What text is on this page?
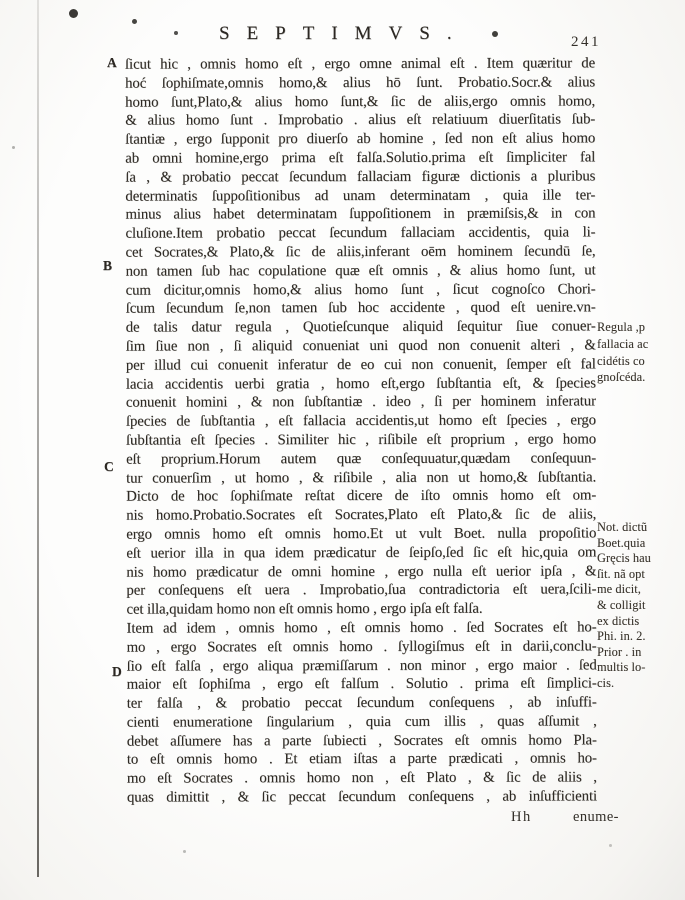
SEPTIMVS.	241
ſicut hic , omnis homo eſt , ergo omne animal eſt . Item quæritur de
hoć ſophiſmate,omnis homo,& alius hō ſunt. Probatio.Socr.& alius
homo ſunt,Plato,& alius homo ſunt,& ſic de aliis,ergo omnis homo,
& alius homo ſunt . Improbatio . alius eſt relatiuum diuerſitatis ſub-
ſtantiæ , ergo ſupponit pro diuerſo ab homine , ſed non eſt alius homo
ab omni homine,ergo prima eſt falſa.Solutio.prima eſt ſimpliciter fal
ſa , & probatio peccat ſecundum fallaciam figuræ dictionis a pluribus
determinatis ſuppoſitionibus ad unam determinatam , quia ille ter-
minus alius habet determinatam ſuppoſitionem in præmiſsis,& in con
cluſione.Item probatio peccat ſecundum fallaciam accidentis, quia li-
cet Socrates,& Plato,& ſic de aliis,inferant oēm hominem ſecundū ſe,
non tamen ſub hac copulatione quæ eſt omnis , & alius homo ſunt, ut
cum dicitur,omnis homo,& alius homo ſunt , ſicut cognoſco Chori-
ſcum ſecundum ſe,non tamen ſub hoc accidente , quod eſt uenire.vn-
de talis datur regula , Quotieſcunque aliquid ſequitur ſiue conuer-
ſim ſiue non , ſi aliquid conueniat uni quod non conuenit alteri , &
per illud cui conuenit inferatur de eo cui non conuenit, ſemper eſt fal
lacia accidentis uerbi gratia , homo eſt,ergo ſubſtantia eſt, & ſpecies
conuenit homini , & non ſubſtantiæ . ideo , ſi per hominem inferatur
ſpecies de ſubſtantia , eſt fallacia accidentis,ut homo eſt ſpecies , ergo
ſubſtantia eſt ſpecies . Similiter hic , riſibile eſt proprium , ergo homo
eſt proprium.Horum autem quæ conſequuatur,quædam conſequun-
tur conuerſim , ut homo , & riſibile , alia non ut homo,& ſubſtantia.
Dicto de hoc ſophiſmate reſtat dicere de iſto omnis homo eſt om-
nis homo.Probatio.Socrates eſt Socrates,Plato eſt Plato,& ſic de aliis,
ergo omnis homo eſt omnis homo.Et ut vult Boet. nulla propoſitio
eſt uerior illa in qua idem prædicatur de ſeipſo,ſed ſic eſt hic,quia om
nis homo prædicatur de omni homine , ergo nulla eſt uerior ipſa , &
per conſequens eſt uera . Improbatio,ſua contradictoria eſt uera,ſcili-
cet illa,quidam homo non eſt omnis homo , ergo ipſa eſt falſa.
Item ad idem , omnis homo , eſt omnis homo . ſed Socrates eſt ho-
mo , ergo Socrates eſt omnis homo . ſyllogiſmus eſt in darii,conclu-
ſio eſt falſa , ergo aliqua præmiſſarum . non minor , ergo maior . ſed
maior eſt ſophiſma , ergo eſt falſum . Solutio . prima eſt ſimplici-
ter falſa , & probatio peccat ſecundum conſequens , ab inſuffi-
cienti enumeratione ſingularium , quia cum illis , quas aſſumit ,
debet aſſumere has a parte ſubiecti , Socrates eſt omnis homo Pla-
to eſt omnis homo . Et etiam iſtas a parte prædicati , omnis ho-
mo eſt Socrates . omnis homo non , eſt Plato , & ſic de aliis ,
quas dimittit , & ſic peccat ſecundum conſequens , ab inſufficienti
A
B
C
D
Regula ,p
fallacia ac
cidétis co
gnoſcéda.
Not. dictũ
Boet.quia
Gręcis hau
ſit. nã opt
me dicit,
& colligit
ex dictis
Phi. in. 2.
Prior . in
multis lo-
cis.
Hh	enume-
